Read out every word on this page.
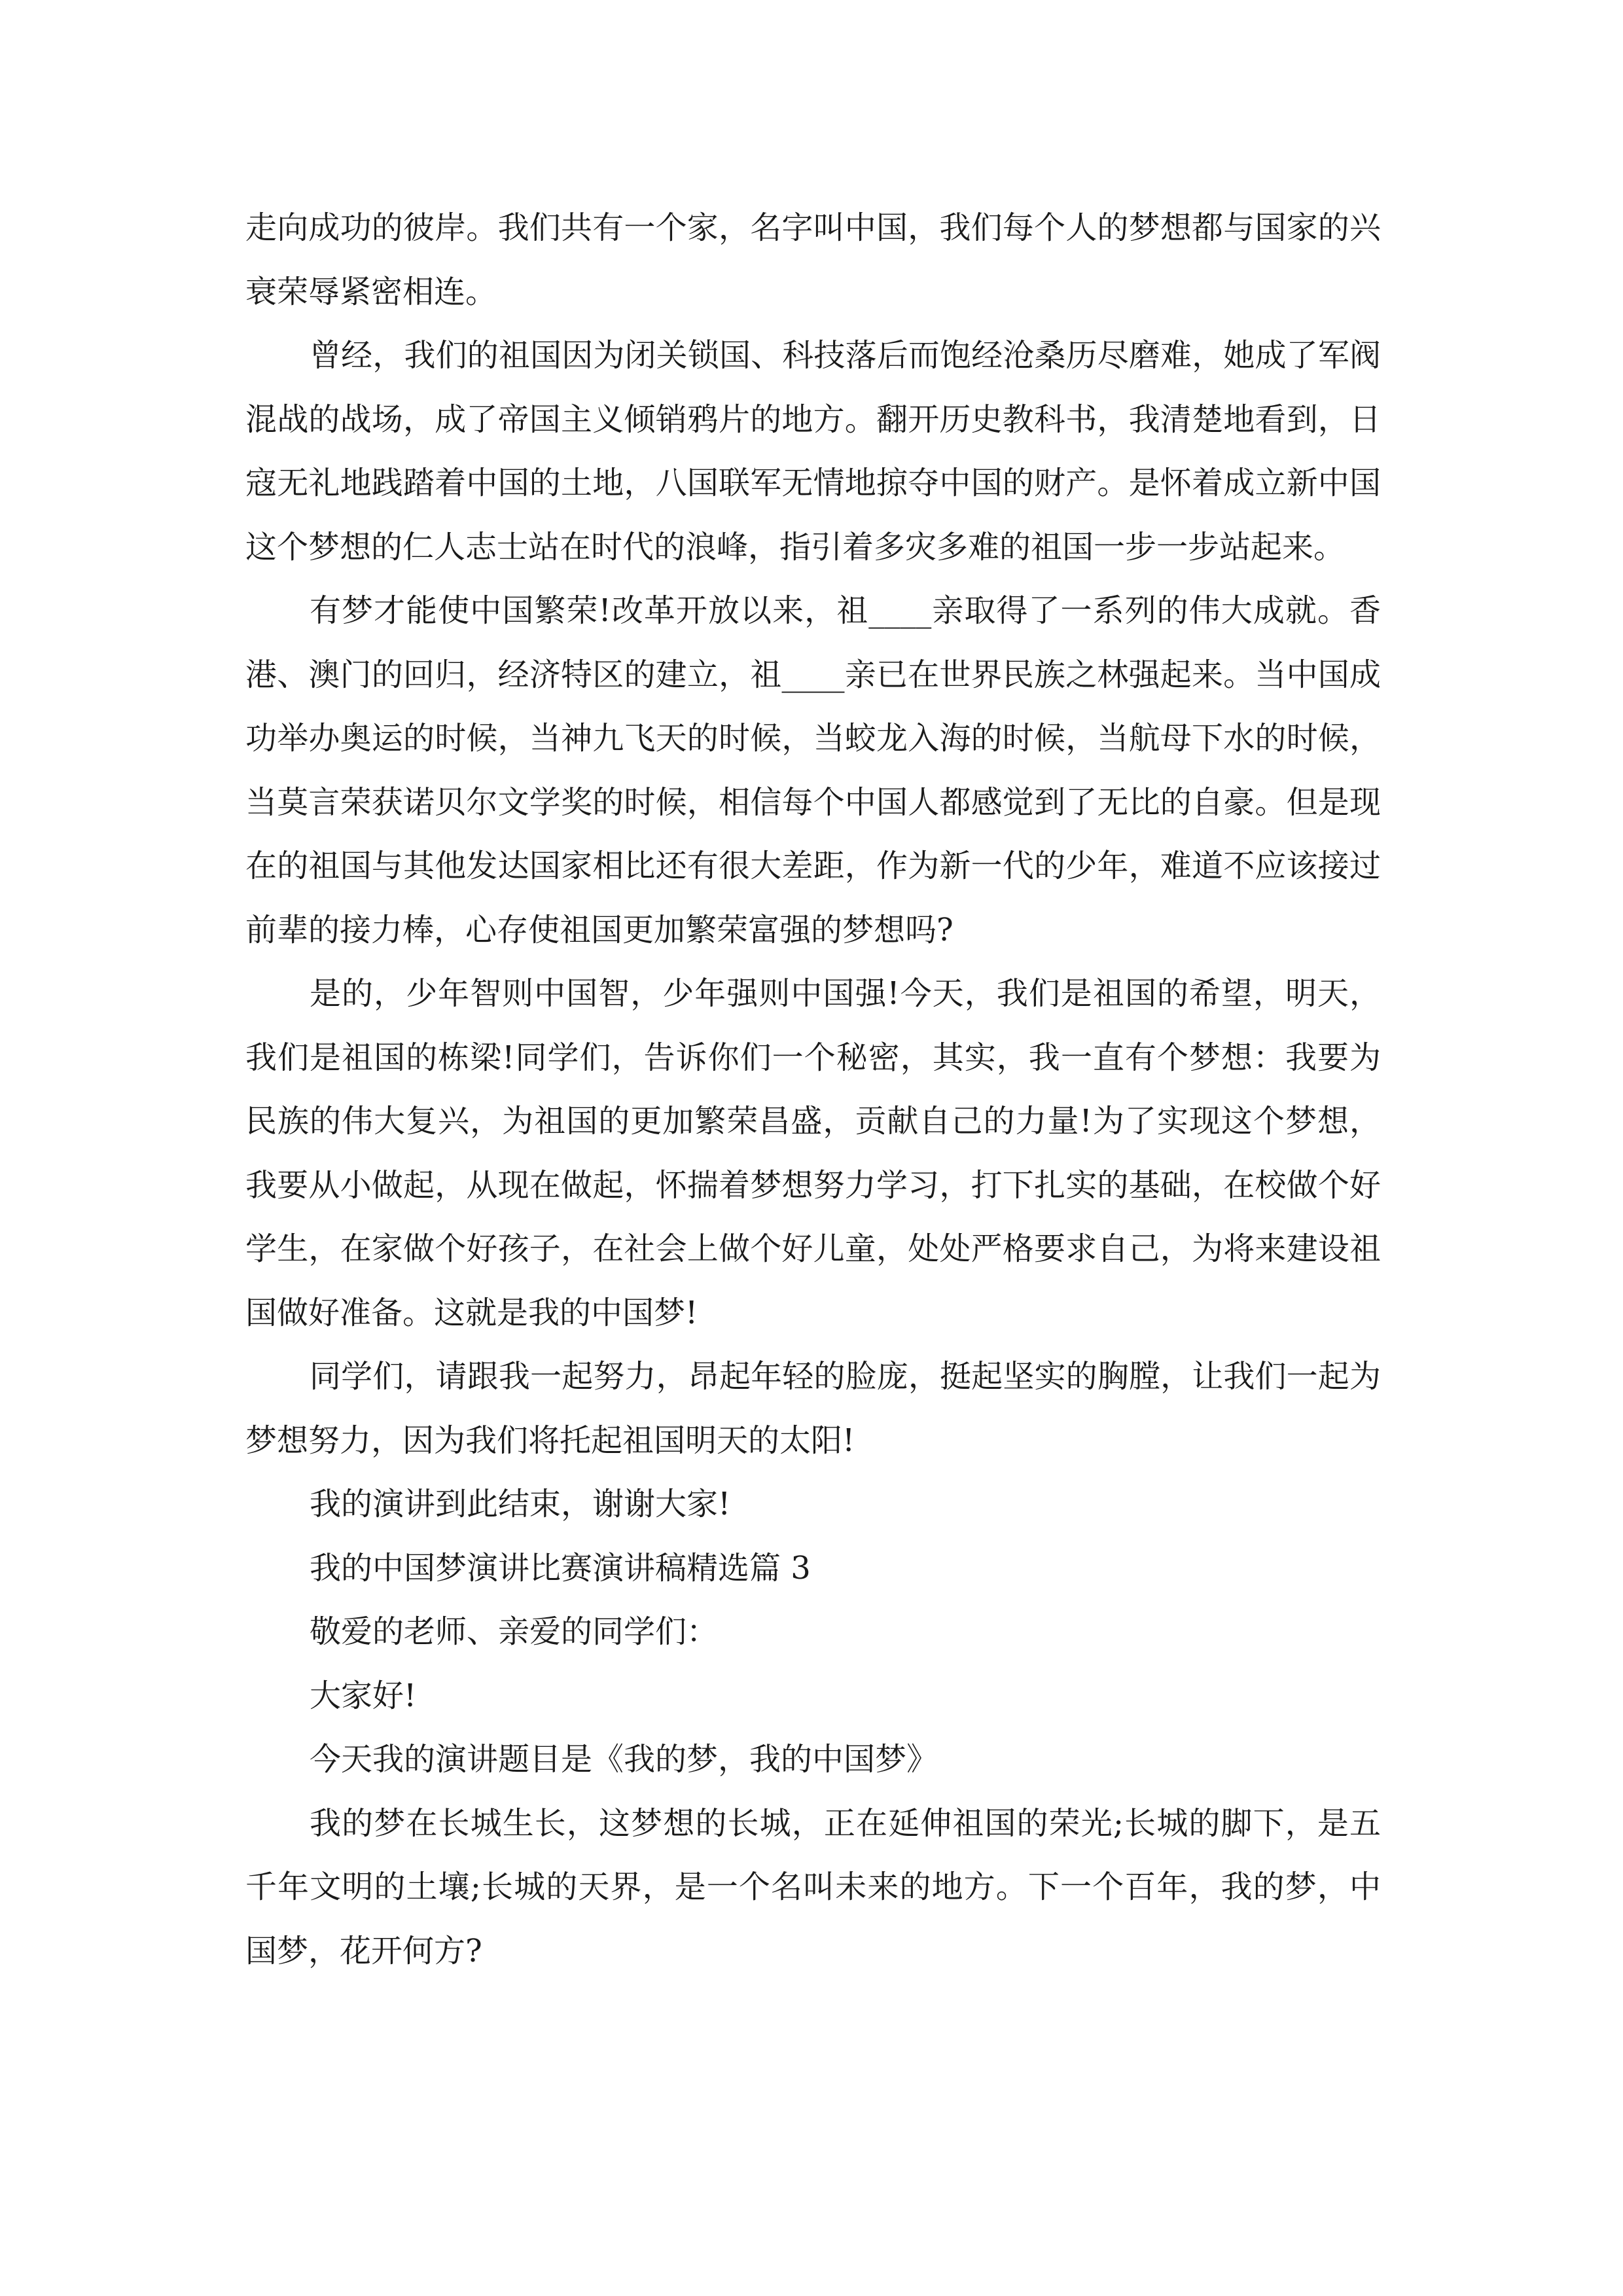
走向成功的彼岸。我们共有一个家，名字叫中国，我们每个人的梦想都与国家的兴衰荣辱紧密相连。

曾经，我们的祖国因为闭关锁国、科技落后而饱经沧桑历尽磨难，她成了军阀混战的战场，成了帝国主义倾销鸦片的地方。翻开历史教科书，我清楚地看到，日寇无礼地践踏着中国的土地，八国联军无情地掠夺中国的财产。是怀着成立新中国这个梦想的仁人志士站在时代的浪峰，指引着多灾多难的祖国一步一步站起来。

有梦才能使中国繁荣!改革开放以来，祖____亲取得了一系列的伟大成就。香港、澳门的回归，经济特区的建立，祖____亲已在世界民族之林强起来。当中国成功举办奥运的时候，当神九飞天的时候，当蛟龙入海的时候，当航母下水的时候，当莫言荣获诺贝尔文学奖的时候，相信每个中国人都感觉到了无比的自豪。但是现在的祖国与其他发达国家相比还有很大差距，作为新一代的少年，难道不应该接过前辈的接力棒，心存使祖国更加繁荣富强的梦想吗?

是的，少年智则中国智，少年强则中国强!今天，我们是祖国的希望，明天，我们是祖国的栋梁!同学们，告诉你们一个秘密，其实，我一直有个梦想：我要为民族的伟大复兴，为祖国的更加繁荣昌盛，贡献自己的力量!为了实现这个梦想，我要从小做起，从现在做起，怀揣着梦想努力学习，打下扎实的基础，在校做个好学生，在家做个好孩子，在社会上做个好儿童，处处严格要求自己，为将来建设祖国做好准备。这就是我的中国梦!

同学们，请跟我一起努力，昂起年轻的脸庞，挺起坚实的胸膛，让我们一起为梦想努力，因为我们将托起祖国明天的太阳!

我的演讲到此结束，谢谢大家!

我的中国梦演讲比赛演讲稿精选篇 3

敬爱的老师、亲爱的同学们：

大家好!

今天我的演讲题目是《我的梦，我的中国梦》

我的梦在长城生长，这梦想的长城，正在延伸祖国的荣光;长城的脚下，是五千年文明的土壤;长城的天界，是一个名叫未来的地方。下一个百年，我的梦，中国梦，花开何方?
